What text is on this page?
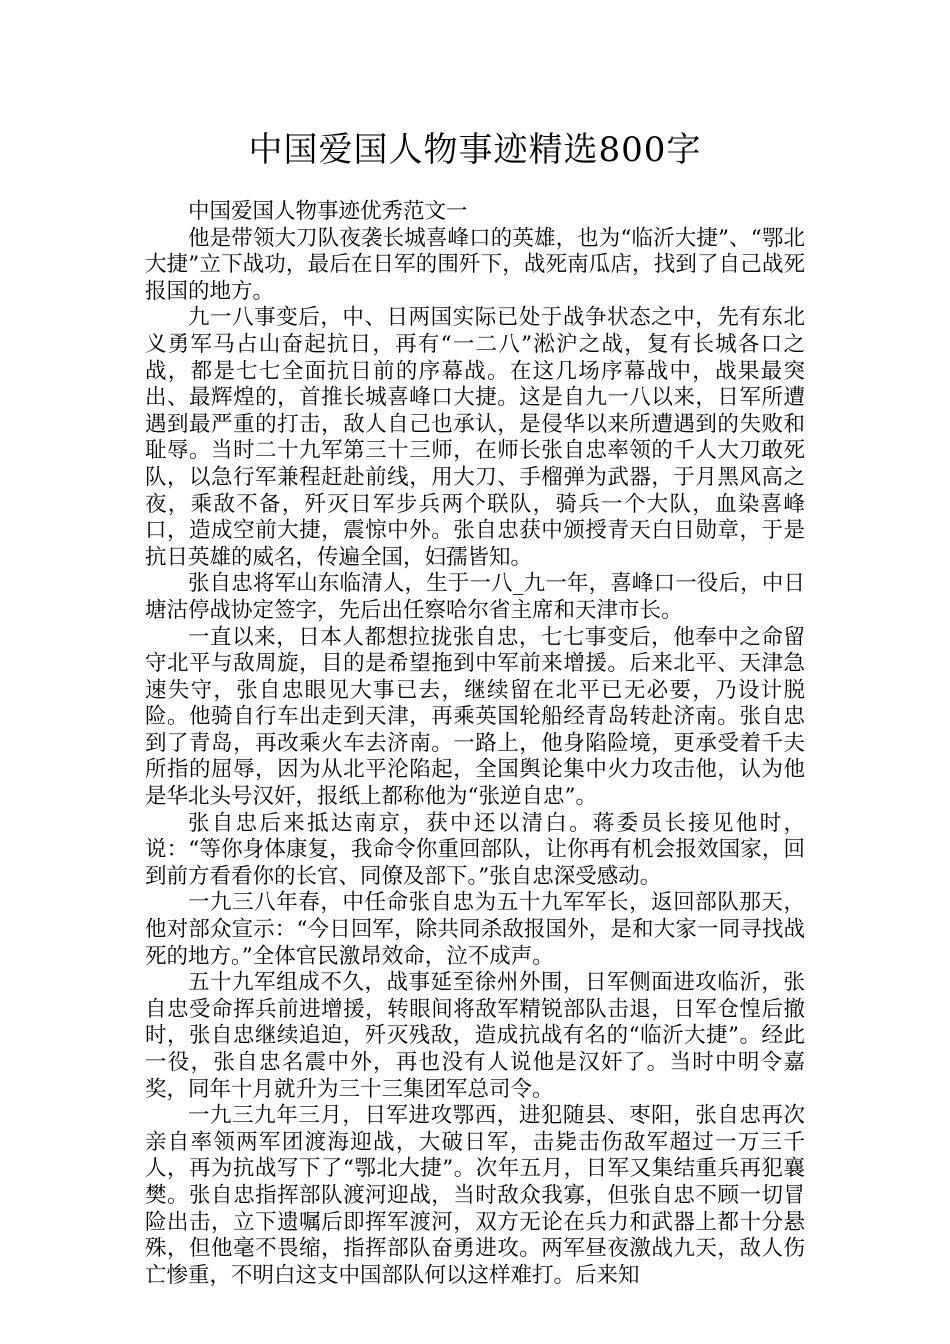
中国爱国人物事迹精选800字

中国爱国人物事迹优秀范文一

他是带领大刀队夜袭长城喜峰口的英雄，也为“临沂大捷”、“鄂北大捷”立下战功，最后在日军的围歼下，战死南瓜店，找到了自己战死报国的地方。

九一八事变后，中、日两国实际已处于战争状态之中，先有东北义勇军马占山奋起抗日，再有“一二八”淞沪之战，复有长城各口之战，都是七七全面抗日前的序幕战。在这几场序幕战中，战果最突出、最辉煌的，首推长城喜峰口大捷。这是自九一八以来，日军所遭遇到最严重的打击，敌人自己也承认，是侵华以来所遭遇到的失败和耻辱。当时二十九军第三十三师，在师长张自忠率领的千人大刀敢死队，以急行军兼程赶赴前线，用大刀、手榴弹为武器，于月黑风高之夜，乘敌不备，歼灭日军步兵两个联队，骑兵一个大队，血染喜峰口，造成空前大捷，震惊中外。张自忠获中颁授青天白日勋章，于是抗日英雄的威名，传遍全国，妇孺皆知。

张自忠将军山东临清人，生于一八_九一年，喜峰口一役后，中日塘沽停战协定签字，先后出任察哈尔省主席和天津市长。

一直以来，日本人都想拉拢张自忠，七七事变后，他奉中之命留守北平与敌周旋，目的是希望拖到中军前来增援。后来北平、天津急速失守，张自忠眼见大事已去，继续留在北平已无必要，乃设计脱险。他骑自行车出走到天津，再乘英国轮船经青岛转赴济南。张自忠到了青岛，再改乘火车去济南。一路上，他身陷险境，更承受着千夫所指的屈辱，因为从北平沦陷起，全国舆论集中火力攻击他，认为他是华北头号汉奸，报纸上都称他为“张逆自忠”。

张自忠后来抵达南京，获中还以清白。蒋委员长接见他时，说：“等你身体康复，我命令你重回部队，让你再有机会报效国家，回到前方看看你的长官、同僚及部下。”张自忠深受感动。

一九三八年春，中任命张自忠为五十九军军长，返回部队那天，他对部众宣示：“今日回军，除共同杀敌报国外，是和大家一同寻找战死的地方。”全体官民激昂效命，泣不成声。

五十九军组成不久，战事延至徐州外围，日军侧面进攻临沂，张自忠受命挥兵前进增援，转眼间将敌军精锐部队击退，日军仓惶后撤时，张自忠继续追迫，歼灭残敌，造成抗战有名的“临沂大捷”。经此一役，张自忠名震中外，再也没有人说他是汉奸了。当时中明令嘉奖，同年十月就升为三十三集团军总司令。

一九三九年三月，日军进攻鄂西，进犯随县、枣阳，张自忠再次亲自率领两军团渡海迎战，大破日军，击毙击伤敌军超过一万三千人，再为抗战写下了“鄂北大捷”。次年五月，日军又集结重兵再犯襄樊。张自忠指挥部队渡河迎战，当时敌众我寡，但张自忠不顾一切冒险出击，立下遗嘱后即挥军渡河，双方无论在兵力和武器上都十分悬殊，但他毫不畏缩，指挥部队奋勇进攻。两军昼夜激战九天，敌人伤亡惨重，不明白这支中国部队何以这样难打。后来知
